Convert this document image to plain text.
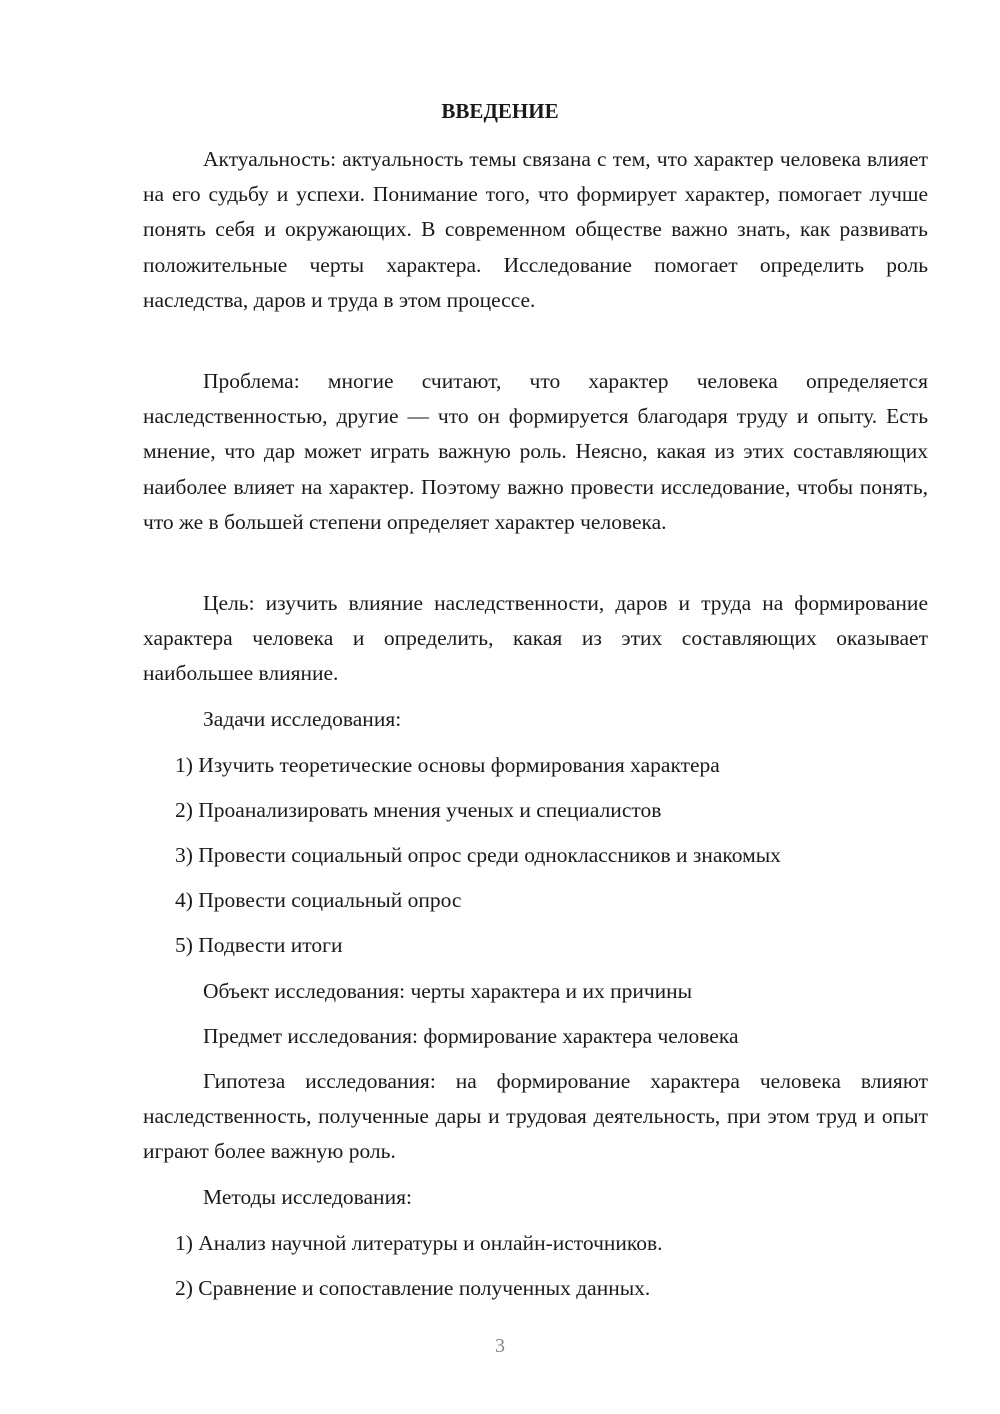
ВВЕДЕНИЕ

Актуальность: актуальность темы связана с тем, что характер человека влияет на его судьбу и успехи. Понимание того, что формирует характер, помогает лучше понять себя и окружающих. В современном обществе важно знать, как развивать положительные черты характера. Исследование помогает определить роль наследства, даров и труда в этом процессе.

Проблема: многие считают, что характер человека определяется наследственностью, другие — что он формируется благодаря труду и опыту. Есть мнение, что дар может играть важную роль. Неясно, какая из этих составляющих наиболее влияет на характер. Поэтому важно провести исследование, чтобы понять, что же в большей степени определяет характер человека.

Цель: изучить влияние наследственности, даров и труда на формирование характера человека и определить, какая из этих составляющих оказывает наибольшее влияние.

Задачи исследования:

1) Изучить теоретические основы формирования характера

2) Проанализировать мнения ученых и специалистов

3) Провести социальный опрос среди одноклассников и знакомых

4) Провести социальный опрос

5) Подвести итоги

Объект исследования: черты характера и их причины

Предмет исследования: формирование характера человека

Гипотеза исследования: на формирование характера человека влияют наследственность, полученные дары и трудовая деятельность, при этом труд и опыт играют более важную роль.

Методы исследования:

1) Анализ научной литературы и онлайн-источников.

2) Сравнение и сопоставление полученных данных.

3
